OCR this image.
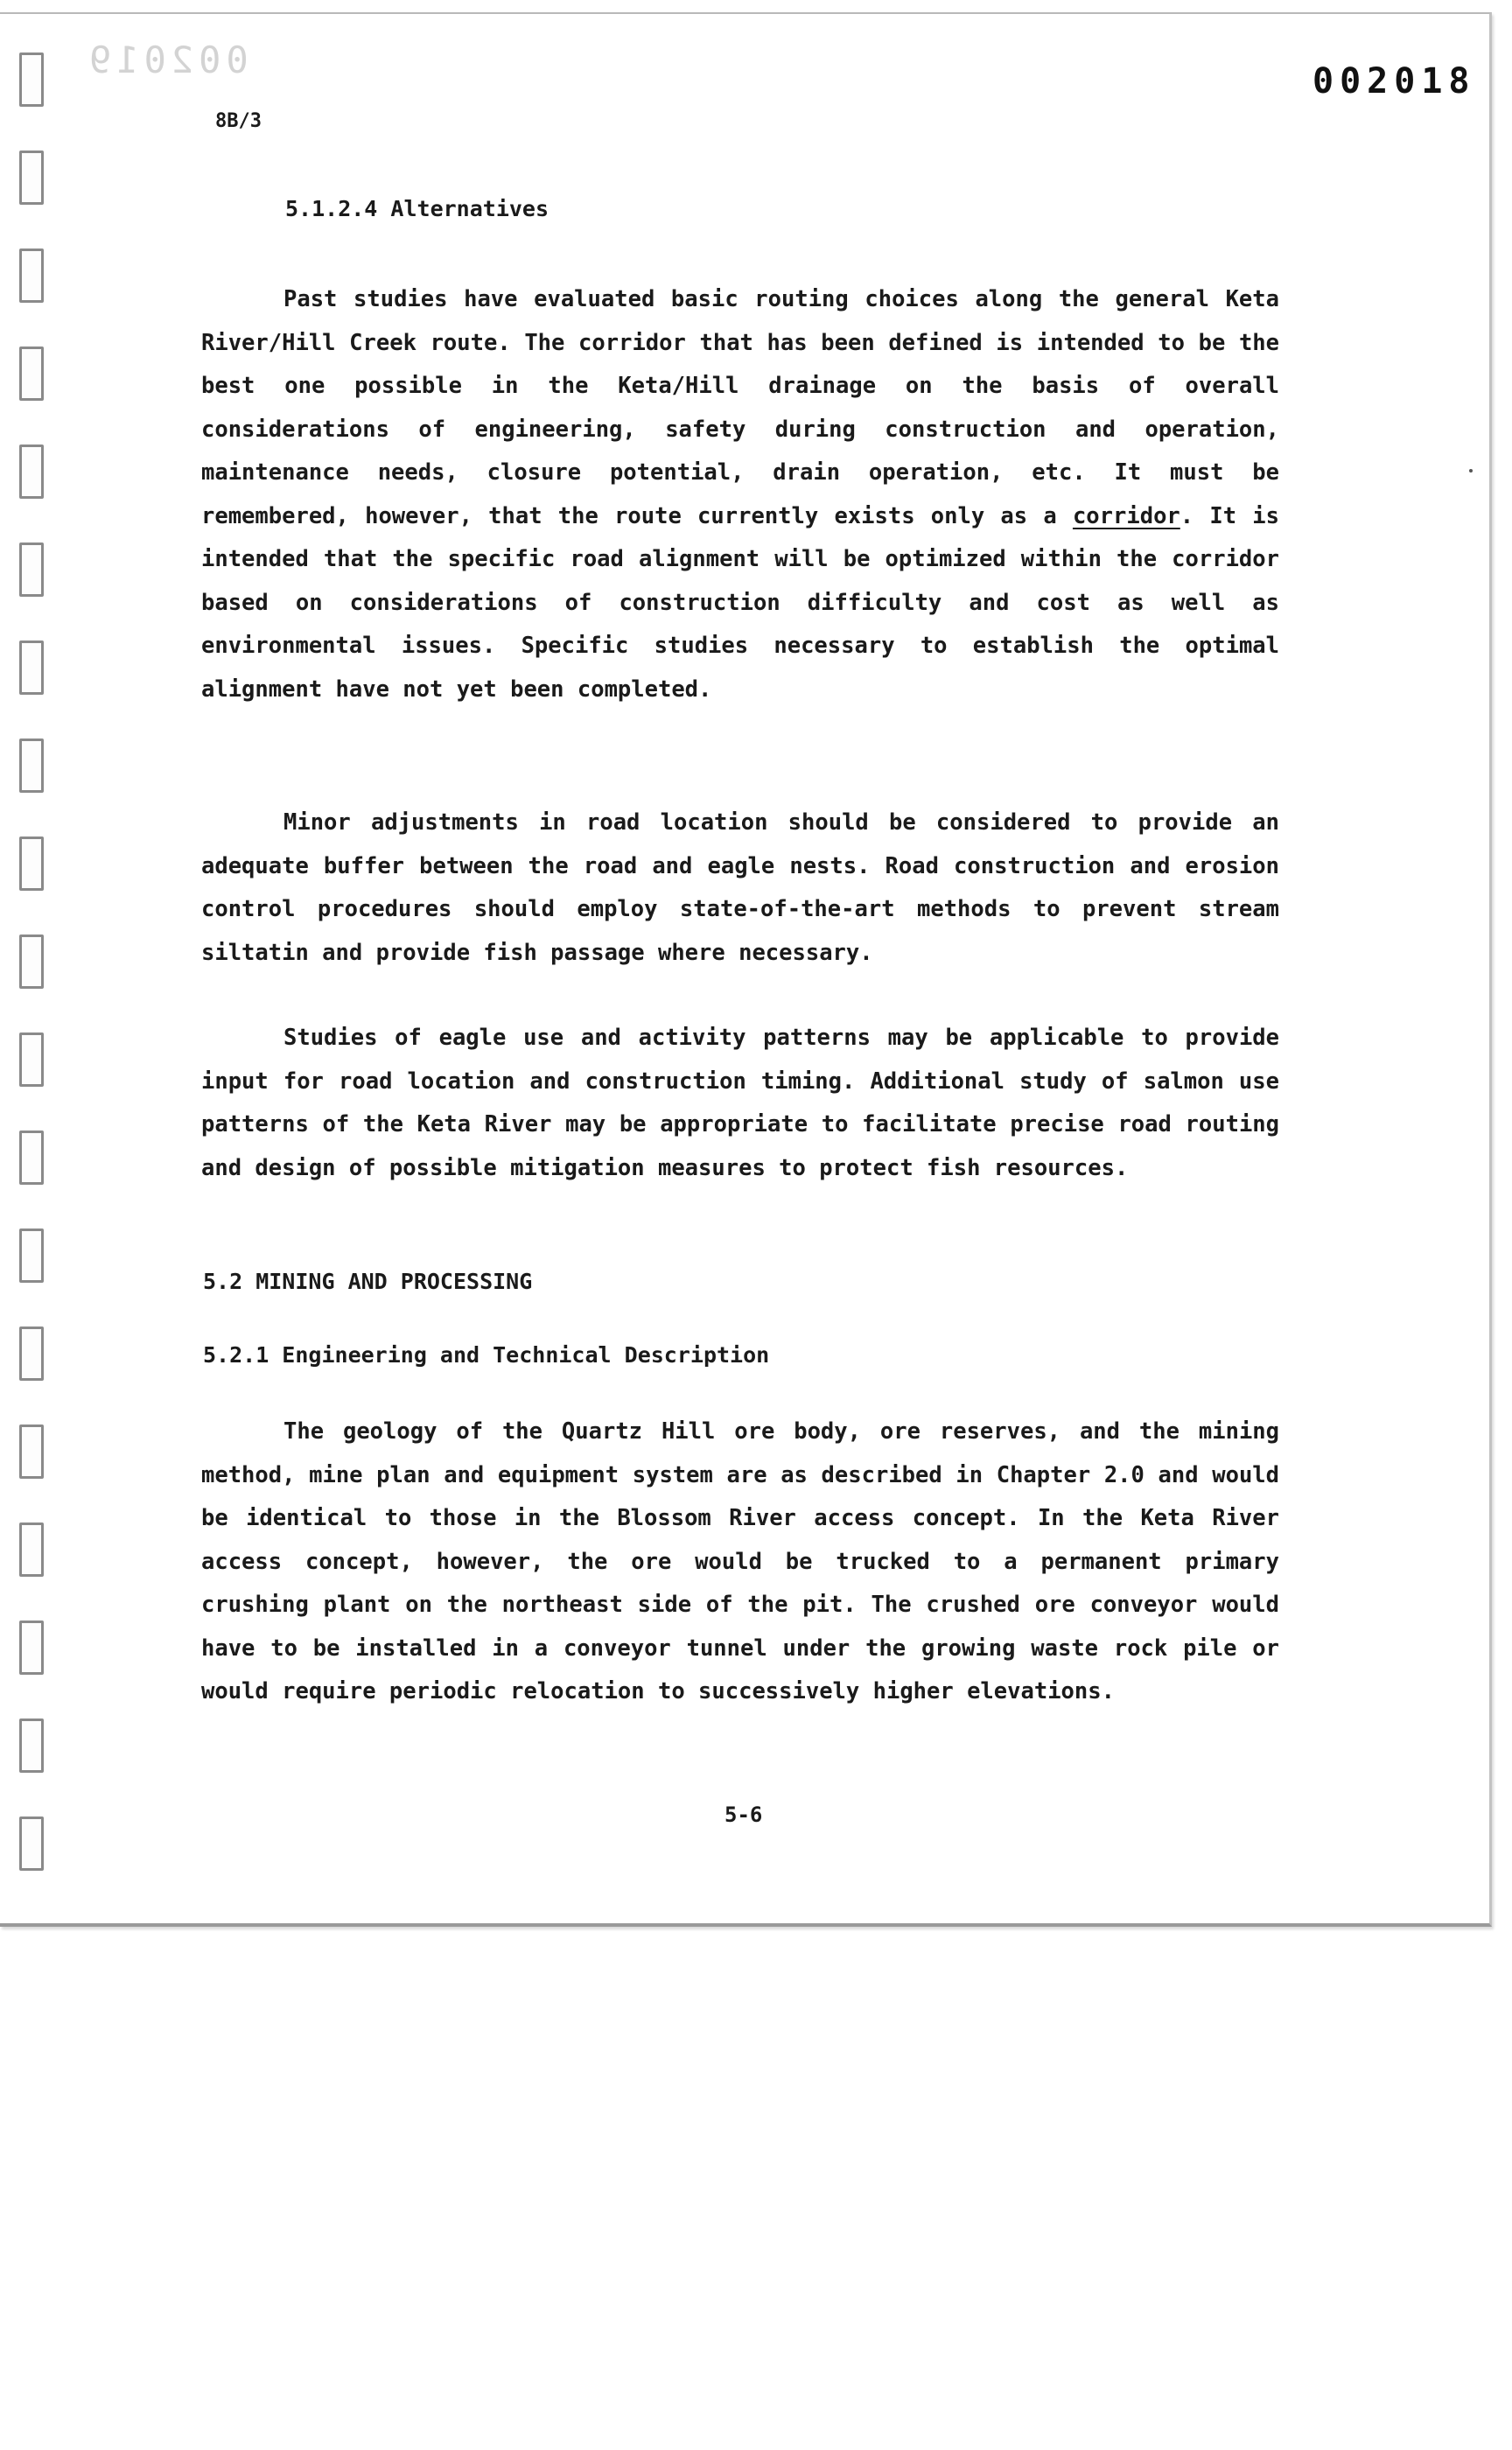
002019	002018
8B/3
5.1.2.4 Alternatives

Past studies have evaluated basic routing choices along the general Keta River/Hill Creek route. The corridor that has been defined is intended to be the best one possible in the Keta/Hill drainage on the basis of overall considerations of engineering, safety during construction and operation, maintenance needs, closure potential, drain operation, etc. It must be remembered, however, that the route currently exists only as a corridor. It is intended that the specific road alignment will be optimized within the corridor based on considerations of construction difficulty and cost as well as environmental issues. Specific studies necessary to establish the optimal alignment have not yet been completed.

Minor adjustments in road location should be considered to provide an adequate buffer between the road and eagle nests. Road construction and erosion control procedures should employ state-of-the-art methods to prevent stream siltatin and provide fish passage where necessary.

Studies of eagle use and activity patterns may be applicable to provide input for road location and construction timing. Additional study of salmon use patterns of the Keta River may be appropriate to facilitate precise road routing and design of possible mitigation measures to protect fish resources.

5.2 MINING AND PROCESSING
5.2.1 Engineering and Technical Description

The geology of the Quartz Hill ore body, ore reserves, and the mining method, mine plan and equipment system are as described in Chapter 2.0 and would be identical to those in the Blossom River access concept. In the Keta River access concept, however, the ore would be trucked to a permanent primary crushing plant on the northeast side of the pit. The crushed ore conveyor would have to be installed in a conveyor tunnel under the growing waste rock pile or would require periodic relocation to successively higher elevations.

5-6
